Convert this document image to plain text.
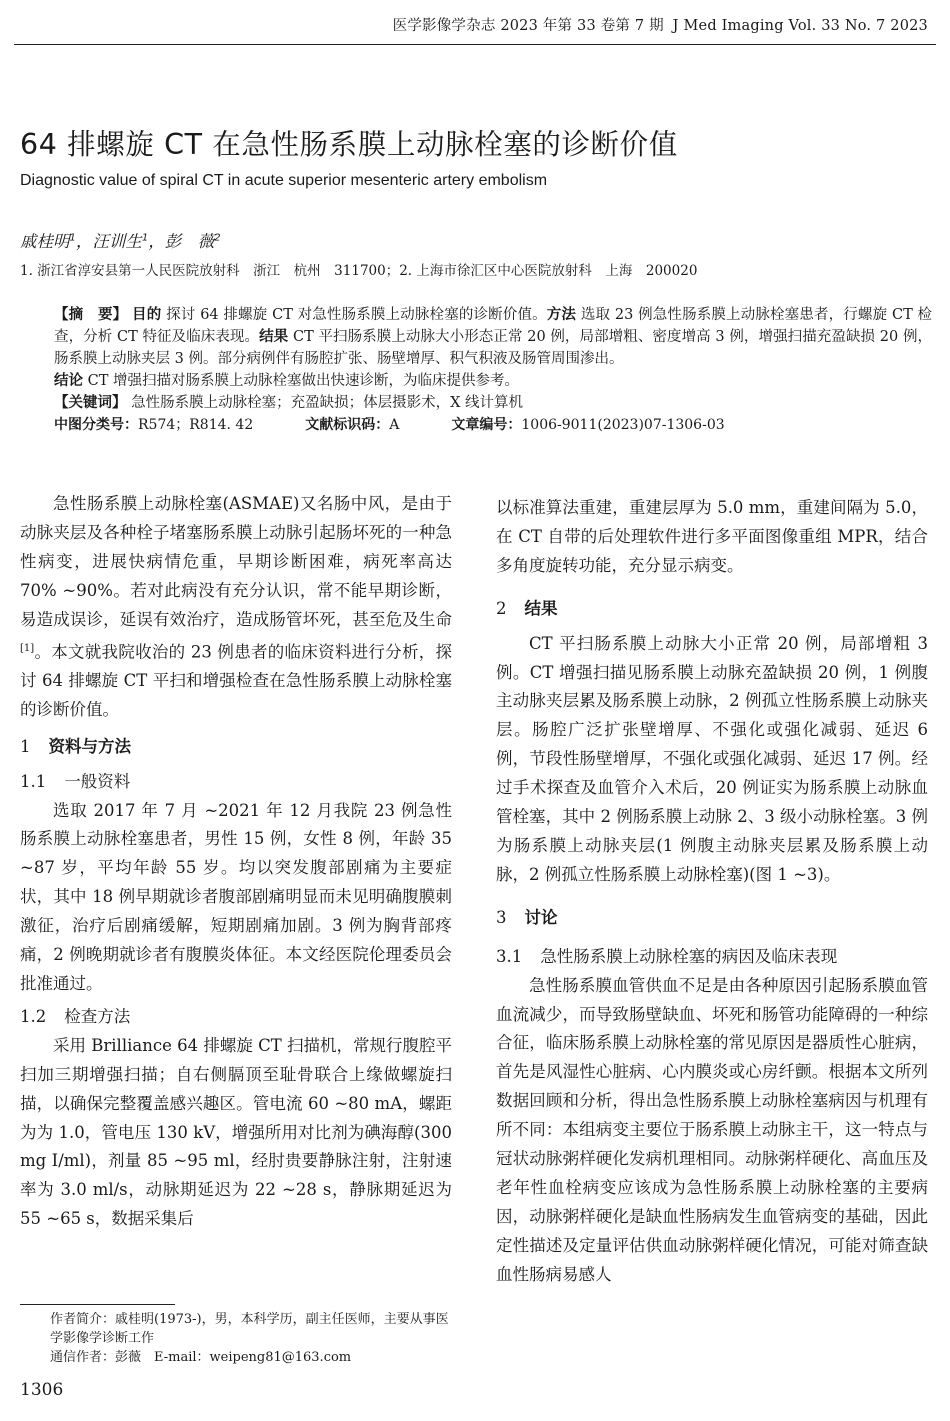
医学影像学杂志 2023 年第 33 卷第 7 期 J Med Imaging Vol. 33 No. 7 2023
64 排螺旋 CT 在急性肠系膜上动脉栓塞的诊断价值
Diagnostic value of spiral CT in acute superior mesenteric artery embolism
戚桂明$^1$，汪训生$^1$，彭　薇$^2$
1. 浙江省淳安县第一人民医院放射科　浙江　杭州　311700；2. 上海市徐汇区中心医院放射科　上海　200020

【摘　要】 目的 探讨 64 排螺旋 CT 对急性肠系膜上动脉栓塞的诊断价值。方法 选取 23 例急性肠系膜上动脉栓塞患者，行螺旋 CT 检查，分析 CT 特征及临床表现。结果 CT 平扫肠系膜上动脉大小形态正常 20 例，局部增粗、密度增高 3 例，增强扫描充盈缺损 20 例，肠系膜上动脉夹层 3 例。部分病例伴有肠腔扩张、肠壁增厚、积气积液及肠管周围渗出。

结论 CT 增强扫描对肠系膜上动脉栓塞做出快速诊断，为临床提供参考。

【关键词】 急性肠系膜上动脉栓塞；充盈缺损；体层摄影术，X 线计算机

中图分类号：R574；R814. 42	文献标识码：A	文章编号：1006-9011(2023)07-1306-03

急性肠系膜上动脉栓塞(ASMAE)又名肠中风，是由于动脉夹层及各种栓子堵塞肠系膜上动脉引起肠坏死的一种急性病变，进展快病情危重，早期诊断困难，病死率高达 70% ~90%。若对此病没有充分认识，常不能早期诊断，易造成误诊，延误有效治疗，造成肠管坏死，甚至危及生命[1]。本文就我院收治的 23 例患者的临床资料进行分析，探讨 64 排螺旋 CT 平扫和增强检查在急性肠系膜上动脉栓塞的诊断价值。

1 资料与方法
1.1 一般资料

选取 2017 年 7 月 ~2021 年 12 月我院 23 例急性肠系膜上动脉栓塞患者，男性 15 例，女性 8 例，年龄 35 ~87 岁，平均年龄 55 岁。均以突发腹部剧痛为主要症状，其中 18 例早期就诊者腹部剧痛明显而未见明确腹膜刺激征，治疗后剧痛缓解，短期剧痛加剧。3 例为胸背部疼痛，2 例晚期就诊者有腹膜炎体征。本文经医院伦理委员会批准通过。

1.2 检查方法

采用 Brilliance 64 排螺旋 CT 扫描机，常规行腹腔平扫加三期增强扫描；自右侧膈顶至耻骨联合上缘做螺旋扫描，以确保完整覆盖感兴趣区。管电流 60 ~80 mA，螺距为为 1.0，管电压 130 kV，增强所用对比剂为碘海醇(300 mg I/ml)，剂量 85 ~95 ml，经肘贵要静脉注射，注射速率为 3.0 ml/s，动脉期延迟为 22 ~28 s，静脉期延迟为 55 ~65 s，数据采集后

以标准算法重建，重建层厚为 5.0 mm，重建间隔为 5.0，在 CT 自带的后处理软件进行多平面图像重组 MPR，结合多角度旋转功能，充分显示病变。

2 结果

CT 平扫肠系膜上动脉大小正常 20 例，局部增粗 3 例。CT 增强扫描见肠系膜上动脉充盈缺损 20 例，1 例腹主动脉夹层累及肠系膜上动脉，2 例孤立性肠系膜上动脉夹层。肠腔广泛扩张壁增厚、不强化或强化减弱、延迟 6 例，节段性肠壁增厚，不强化或强化减弱、延迟 17 例。经过手术探查及血管介入术后，20 例证实为肠系膜上动脉血管栓塞，其中 2 例肠系膜上动脉 2、3 级小动脉栓塞。3 例为肠系膜上动脉夹层(1 例腹主动脉夹层累及肠系膜上动脉，2 例孤立性肠系膜上动脉栓塞)(图 1 ~3)。

3 讨论
3.1 急性肠系膜上动脉栓塞的病因及临床表现

急性肠系膜血管供血不足是由各种原因引起肠系膜血管血流减少，而导致肠壁缺血、坏死和肠管功能障碍的一种综合征，临床肠系膜上动脉栓塞的常见原因是器质性心脏病，首先是风湿性心脏病、心内膜炎或心房纤颤。根据本文所列数据回顾和分析，得出急性肠系膜上动脉栓塞病因与机理有所不同：本组病变主要位于肠系膜上动脉主干，这一特点与冠状动脉粥样硬化发病机理相同。动脉粥样硬化、高血压及老年性血栓病变应该成为急性肠系膜上动脉栓塞的主要病因，动脉粥样硬化是缺血性肠病发生血管病变的基础，因此定性描述及定量评估供血动脉粥样硬化情况，可能对筛查缺血性肠病易感人

作者简介：戚桂明(1973-)，男，本科学历，副主任医师，主要从事医学影像学诊断工作

通信作者：彭薇　E-mail：weipeng81@163.com

1306
